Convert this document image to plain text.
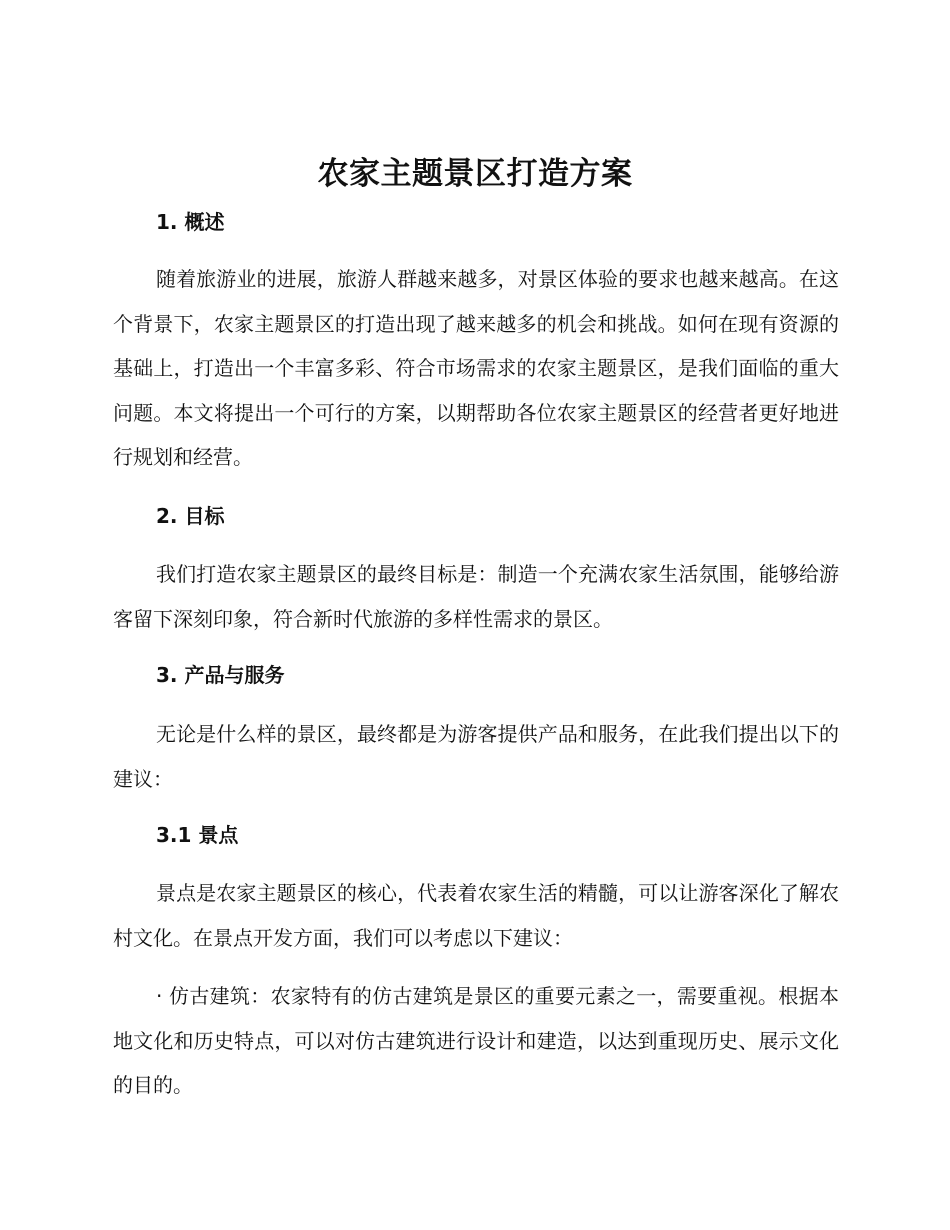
农家主题景区打造方案
1. 概述
随着旅游业的进展，旅游人群越来越多，对景区体验的要求也越来越高。在这个背景下，农家主题景区的打造出现了越来越多的机会和挑战。如何在现有资源的基础上，打造出一个丰富多彩、符合市场需求的农家主题景区，是我们面临的重大问题。本文将提出一个可行的方案，以期帮助各位农家主题景区的经营者更好地进行规划和经营。
2. 目标
我们打造农家主题景区的最终目标是：制造一个充满农家生活氛围，能够给游客留下深刻印象，符合新时代旅游的多样性需求的景区。
3. 产品与服务
无论是什么样的景区，最终都是为游客提供产品和服务，在此我们提出以下的建议：
3.1 景点
景点是农家主题景区的核心，代表着农家生活的精髓，可以让游客深化了解农村文化。在景点开发方面，我们可以考虑以下建议：
· 仿古建筑：农家特有的仿古建筑是景区的重要元素之一，需要重视。根据本地文化和历史特点，可以对仿古建筑进行设计和建造，以达到重现历史、展示文化的目的。
